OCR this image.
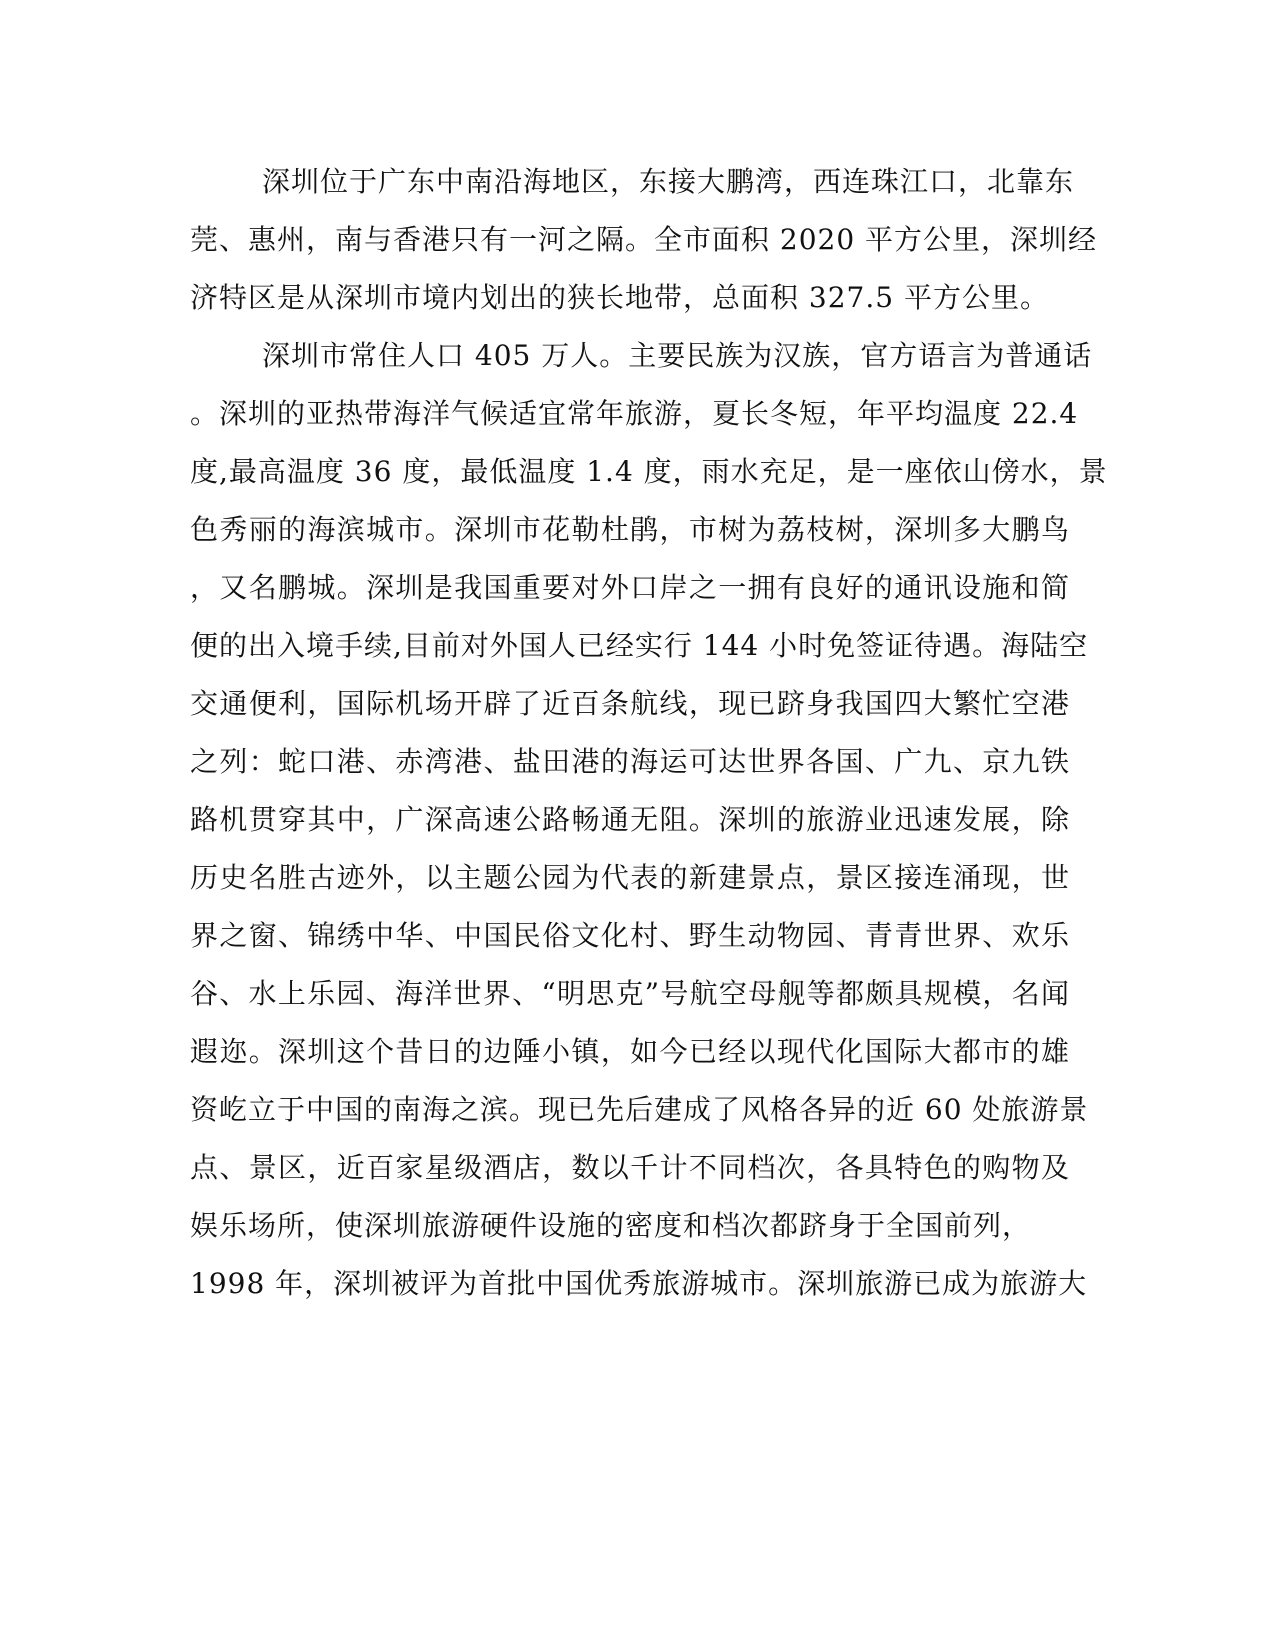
深圳位于广东中南沿海地区，东接大鹏湾，西连珠江口，北靠东
莞、惠州，南与香港只有一河之隔。全市面积 2020 平方公里，深圳经
济特区是从深圳市境内划出的狭长地带，总面积 327.5 平方公里。
深圳市常住人口 405 万人。主要民族为汉族，官方语言为普通话
。深圳的亚热带海洋气候适宜常年旅游，夏长冬短，年平均温度 22.4
度,最高温度 36 度，最低温度 1.4 度，雨水充足，是一座依山傍水，景
色秀丽的海滨城市。深圳市花勒杜鹃，市树为荔枝树，深圳多大鹏鸟
，又名鹏城。深圳是我国重要对外口岸之一拥有良好的通讯设施和简
便的出入境手续,目前对外国人已经实行 144 小时免签证待遇。海陆空
交通便利，国际机场开辟了近百条航线，现已跻身我国四大繁忙空港
之列：蛇口港、赤湾港、盐田港的海运可达世界各国、广九、京九铁
路机贯穿其中，广深高速公路畅通无阻。深圳的旅游业迅速发展，除
历史名胜古迹外，以主题公园为代表的新建景点，景区接连涌现，世
界之窗、锦绣中华、中国民俗文化村、野生动物园、青青世界、欢乐
谷、水上乐园、海洋世界、“明思克”号航空母舰等都颇具规模，名闻
遐迩。深圳这个昔日的边陲小镇，如今已经以现代化国际大都市的雄
资屹立于中国的南海之滨。现已先后建成了风格各异的近 60 处旅游景
点、景区，近百家星级酒店，数以千计不同档次，各具特色的购物及
娱乐场所，使深圳旅游硬件设施的密度和档次都跻身于全国前列，
1998 年，深圳被评为首批中国优秀旅游城市。深圳旅游已成为旅游大
